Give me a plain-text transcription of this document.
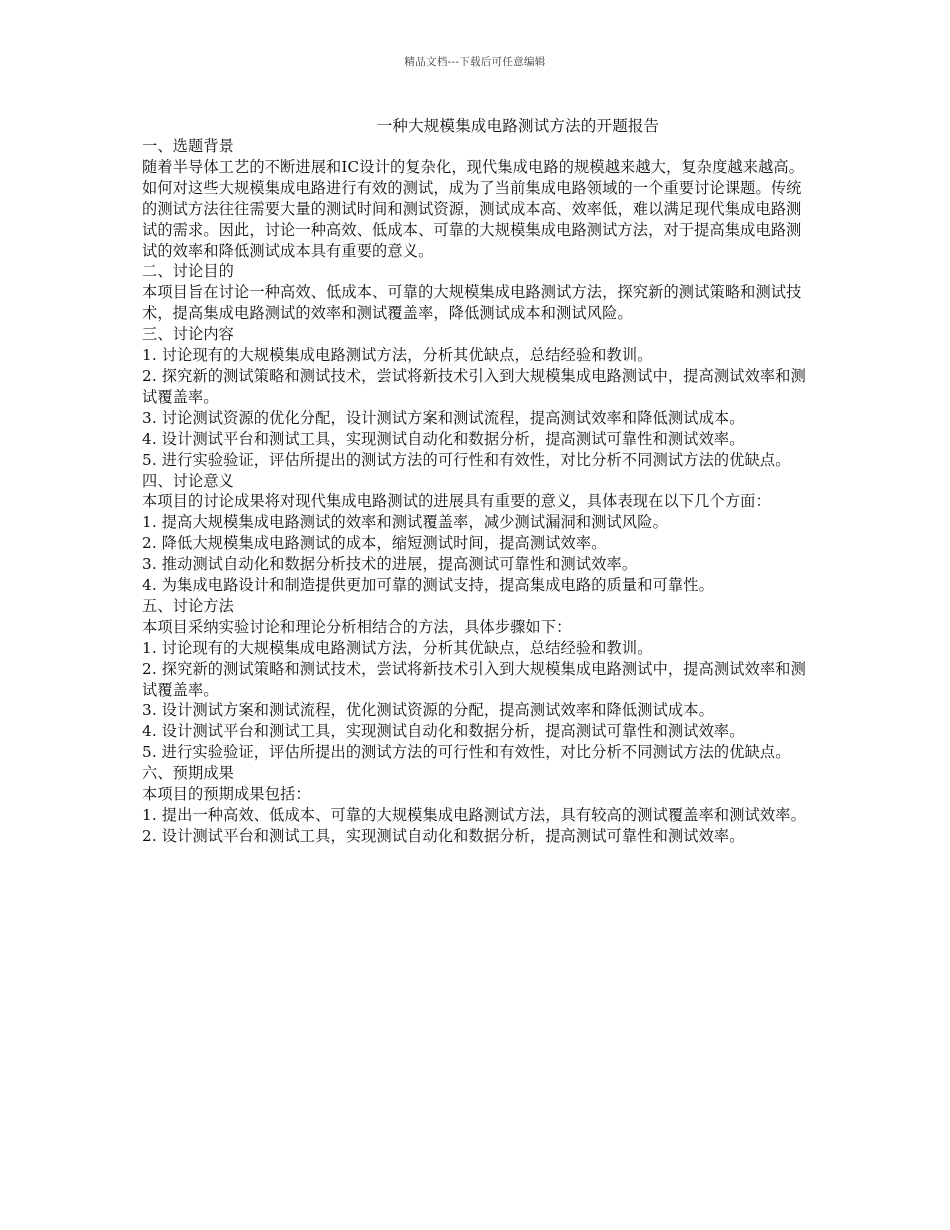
精品文档---下载后可任意编辑
一种大规模集成电路测试方法的开题报告

一、选题背景

随着半导体工艺的不断进展和IC设计的复杂化，现代集成电路的规模越来越大，复杂度越来越高。如何对这些大规模集成电路进行有效的测试，成为了当前集成电路领域的一个重要讨论课题。传统的测试方法往往需要大量的测试时间和测试资源，测试成本高、效率低，难以满足现代集成电路测试的需求。因此，讨论一种高效、低成本、可靠的大规模集成电路测试方法，对于提高集成电路测试的效率和降低测试成本具有重要的意义。

二、讨论目的

本项目旨在讨论一种高效、低成本、可靠的大规模集成电路测试方法，探究新的测试策略和测试技术，提高集成电路测试的效率和测试覆盖率，降低测试成本和测试风险。

三、讨论内容

1. 讨论现有的大规模集成电路测试方法，分析其优缺点，总结经验和教训。

2. 探究新的测试策略和测试技术，尝试将新技术引入到大规模集成电路测试中，提高测试效率和测试覆盖率。

3. 讨论测试资源的优化分配，设计测试方案和测试流程，提高测试效率和降低测试成本。

4. 设计测试平台和测试工具，实现测试自动化和数据分析，提高测试可靠性和测试效率。

5. 进行实验验证，评估所提出的测试方法的可行性和有效性，对比分析不同测试方法的优缺点。

四、讨论意义

本项目的讨论成果将对现代集成电路测试的进展具有重要的意义，具体表现在以下几个方面：

1. 提高大规模集成电路测试的效率和测试覆盖率，减少测试漏洞和测试风险。

2. 降低大规模集成电路测试的成本，缩短测试时间，提高测试效率。

3. 推动测试自动化和数据分析技术的进展，提高测试可靠性和测试效率。

4. 为集成电路设计和制造提供更加可靠的测试支持，提高集成电路的质量和可靠性。

五、讨论方法

本项目采纳实验讨论和理论分析相结合的方法，具体步骤如下：

1. 讨论现有的大规模集成电路测试方法，分析其优缺点，总结经验和教训。

2. 探究新的测试策略和测试技术，尝试将新技术引入到大规模集成电路测试中，提高测试效率和测试覆盖率。

3. 设计测试方案和测试流程，优化测试资源的分配，提高测试效率和降低测试成本。

4. 设计测试平台和测试工具，实现测试自动化和数据分析，提高测试可靠性和测试效率。

5. 进行实验验证，评估所提出的测试方法的可行性和有效性，对比分析不同测试方法的优缺点。

六、预期成果

本项目的预期成果包括：

1. 提出一种高效、低成本、可靠的大规模集成电路测试方法，具有较高的测试覆盖率和测试效率。

2. 设计测试平台和测试工具，实现测试自动化和数据分析，提高测试可靠性和测试效率。
